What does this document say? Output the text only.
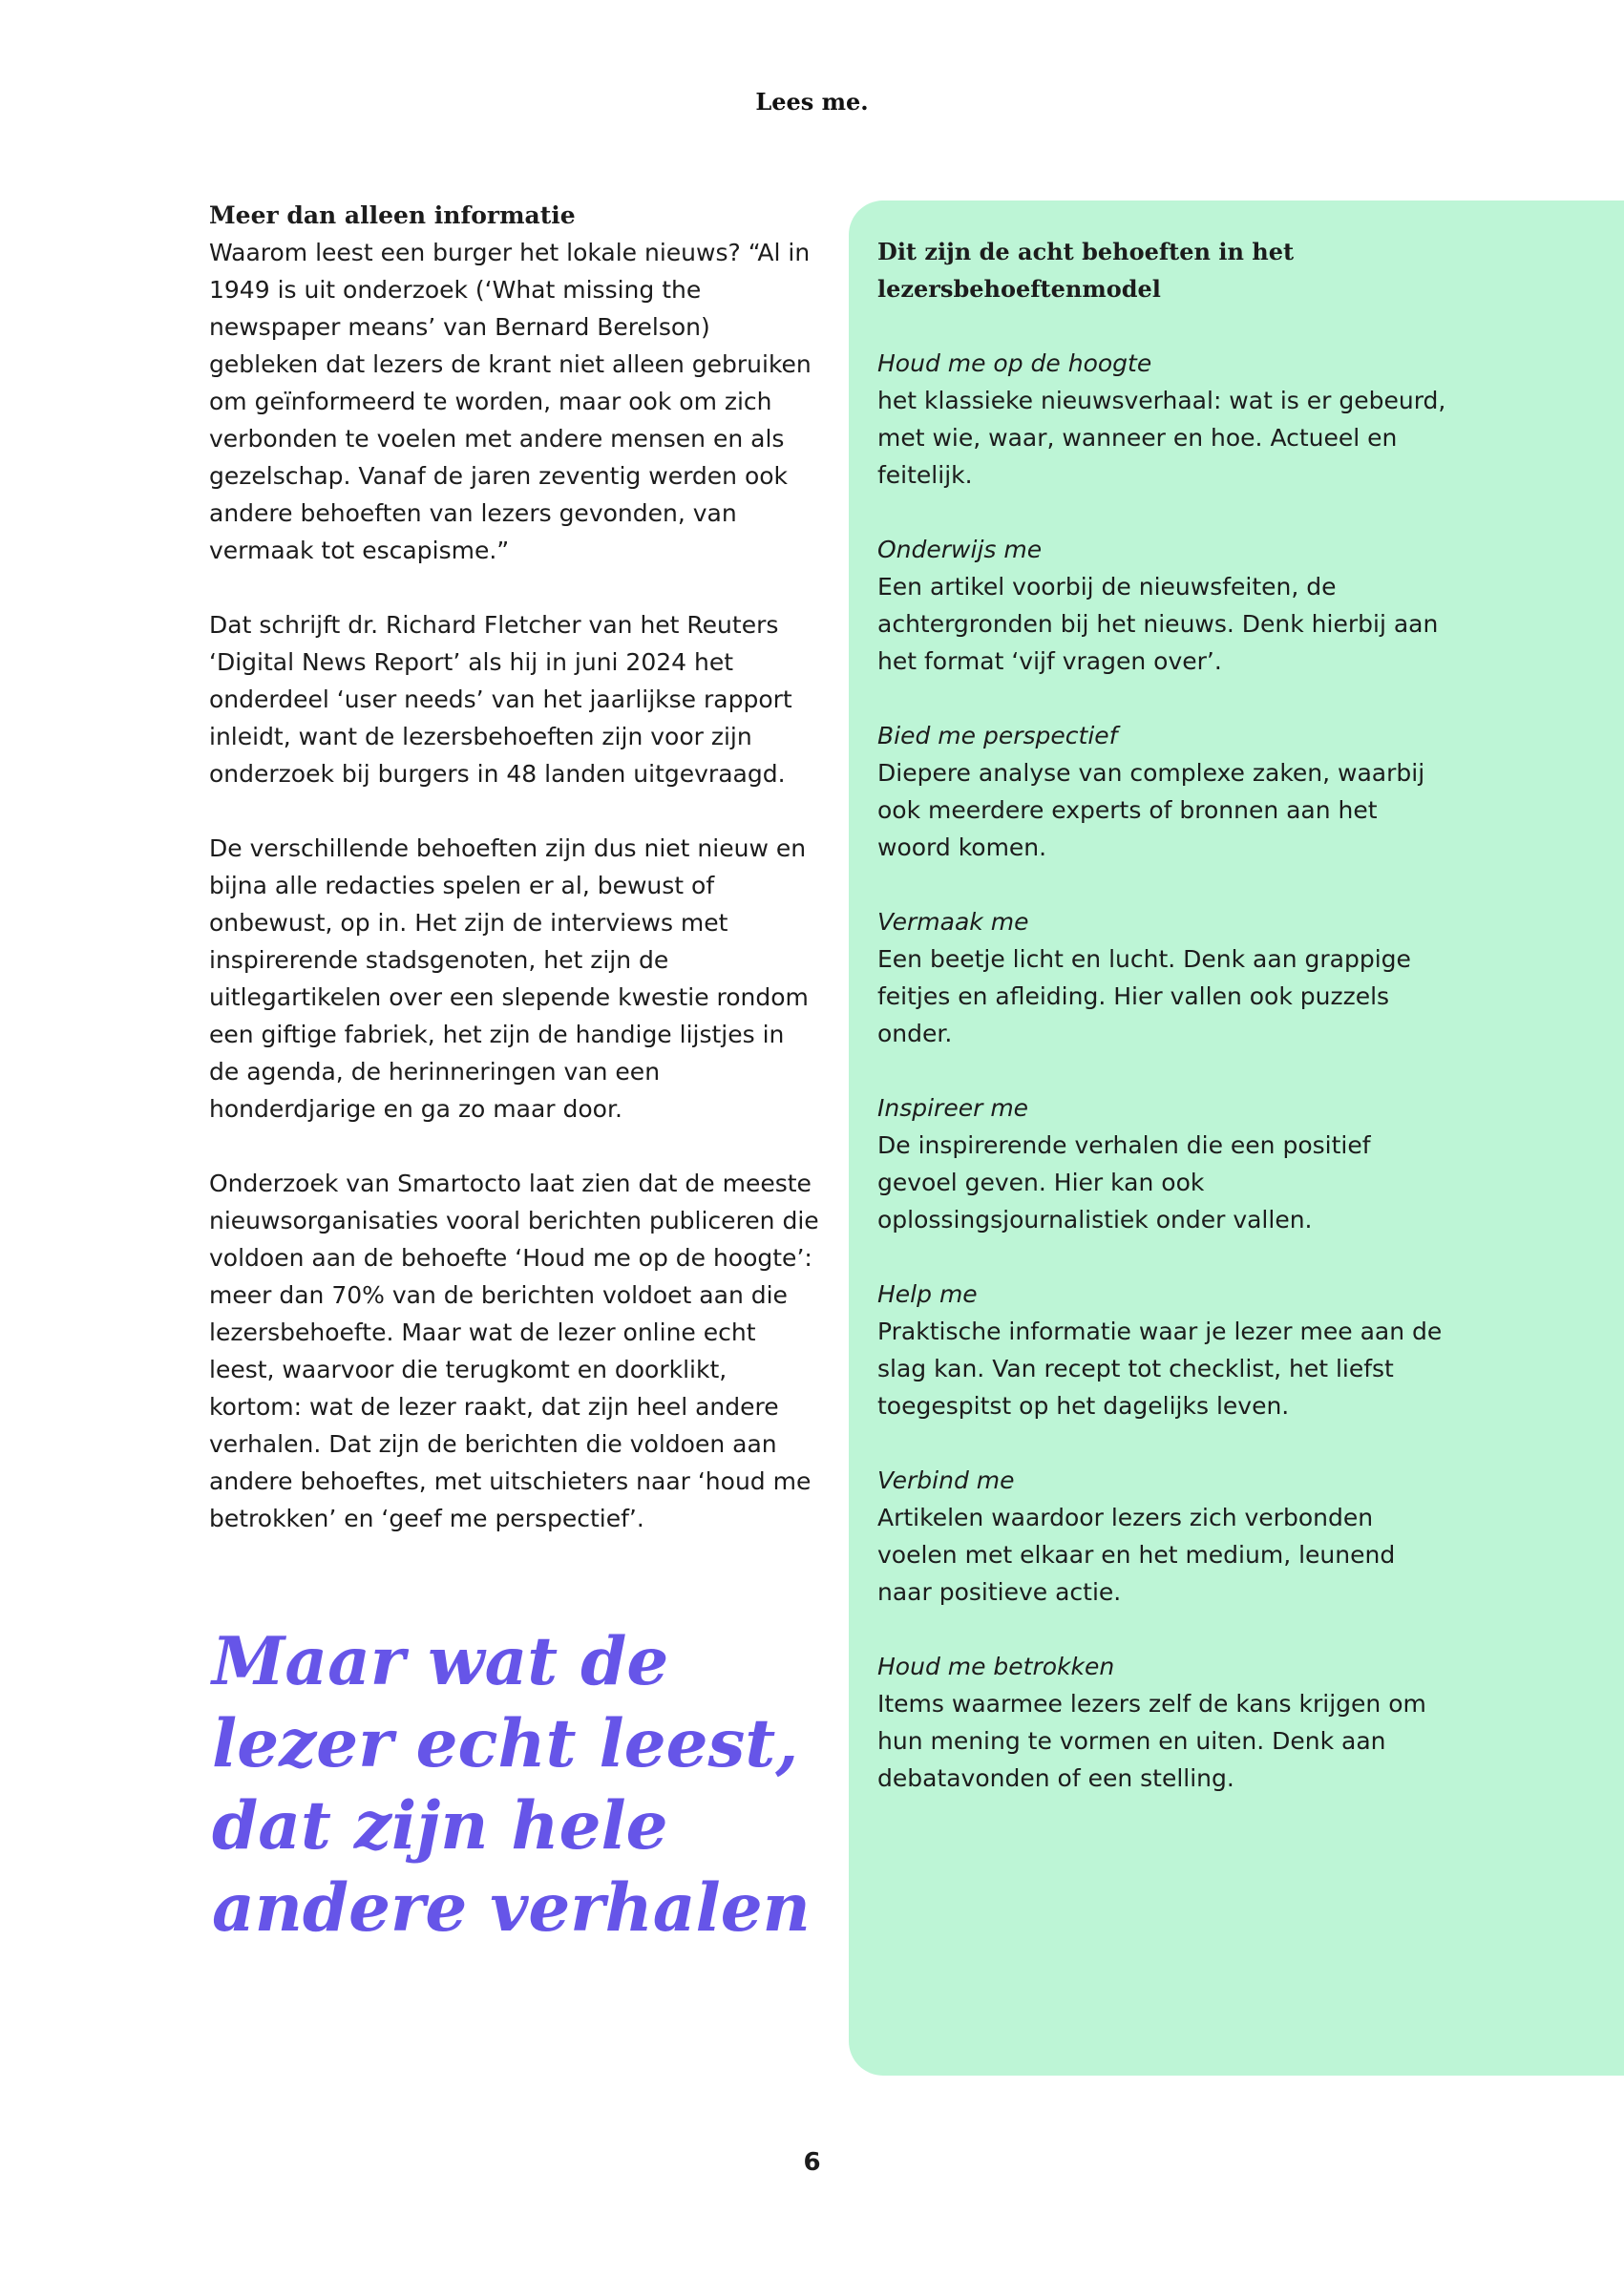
Lees me.
Meer dan alleen informatie

Waarom leest een burger het lokale nieuws? “Al in 1949 is uit onderzoek (‘What missing the newspaper means’ van Bernard Berelson) gebleken dat lezers de krant niet alleen gebruiken om geïnformeerd te worden, maar ook om zich verbonden te voelen met andere mensen en als gezelschap. Vanaf de jaren zeventig werden ook andere behoeften van lezers gevonden, van vermaak tot escapisme.”

Dat schrijft dr. Richard Fletcher van het Reuters ‘Digital News Report’ als hij in juni 2024 het onderdeel ‘user needs’ van het jaarlijkse rapport inleidt, want de lezersbehoeften zijn voor zijn onderzoek bij burgers in 48 landen uitgevraagd.

De verschillende behoeften zijn dus niet nieuw en bijna alle redacties spelen er al, bewust of onbewust, op in. Het zijn de interviews met inspirerende stadsgenoten, het zijn de uitlegartikelen over een slepende kwestie rondom een giftige fabriek, het zijn de handige lijstjes in de agenda, de herinneringen van een honderdjarige en ga zo maar door.

Onderzoek van Smartocto laat zien dat de meeste nieuwsorganisaties vooral berichten publiceren die voldoen aan de behoefte ‘Houd me op de hoogte’: meer dan 70% van de berichten voldoet aan die lezersbehoefte. Maar wat de lezer online echt leest, waarvoor die terugkomt en doorklikt, kortom: wat de lezer raakt, dat zijn heel andere verhalen. Dat zijn de berichten die voldoen aan andere behoeftes, met uitschieters naar ‘houd me betrokken’ en ‘geef me perspectief’.

Maar wat de
lezer echt leest,
dat zijn hele
andere verhalen
Dit zijn de acht behoeften in het
lezersbehoeftenmodel
Houd me op de hoogte
het klassieke nieuwsverhaal: wat is er gebeurd, met wie, waar, wanneer en hoe. Actueel en feitelijk.
Onderwijs me
Een artikel voorbij de nieuwsfeiten, de achtergronden bij het nieuws. Denk hierbij aan het format ‘vijf vragen over’.
Bied me perspectief
Diepere analyse van complexe zaken, waarbij ook meerdere experts of bronnen aan het woord komen.
Vermaak me
Een beetje licht en lucht. Denk aan grappige feitjes en afleiding. Hier vallen ook puzzels onder.
Inspireer me
De inspirerende verhalen die een positief gevoel geven. Hier kan ook oplossingsjournalistiek onder vallen.
Help me
Praktische informatie waar je lezer mee aan de slag kan. Van recept tot checklist, het liefst toegespitst op het dagelijks leven.
Verbind me
Artikelen waardoor lezers zich verbonden voelen met elkaar en het medium, leunend naar positieve actie.
Houd me betrokken
Items waarmee lezers zelf de kans krijgen om hun mening te vormen en uiten. Denk aan debatavonden of een stelling.
6
